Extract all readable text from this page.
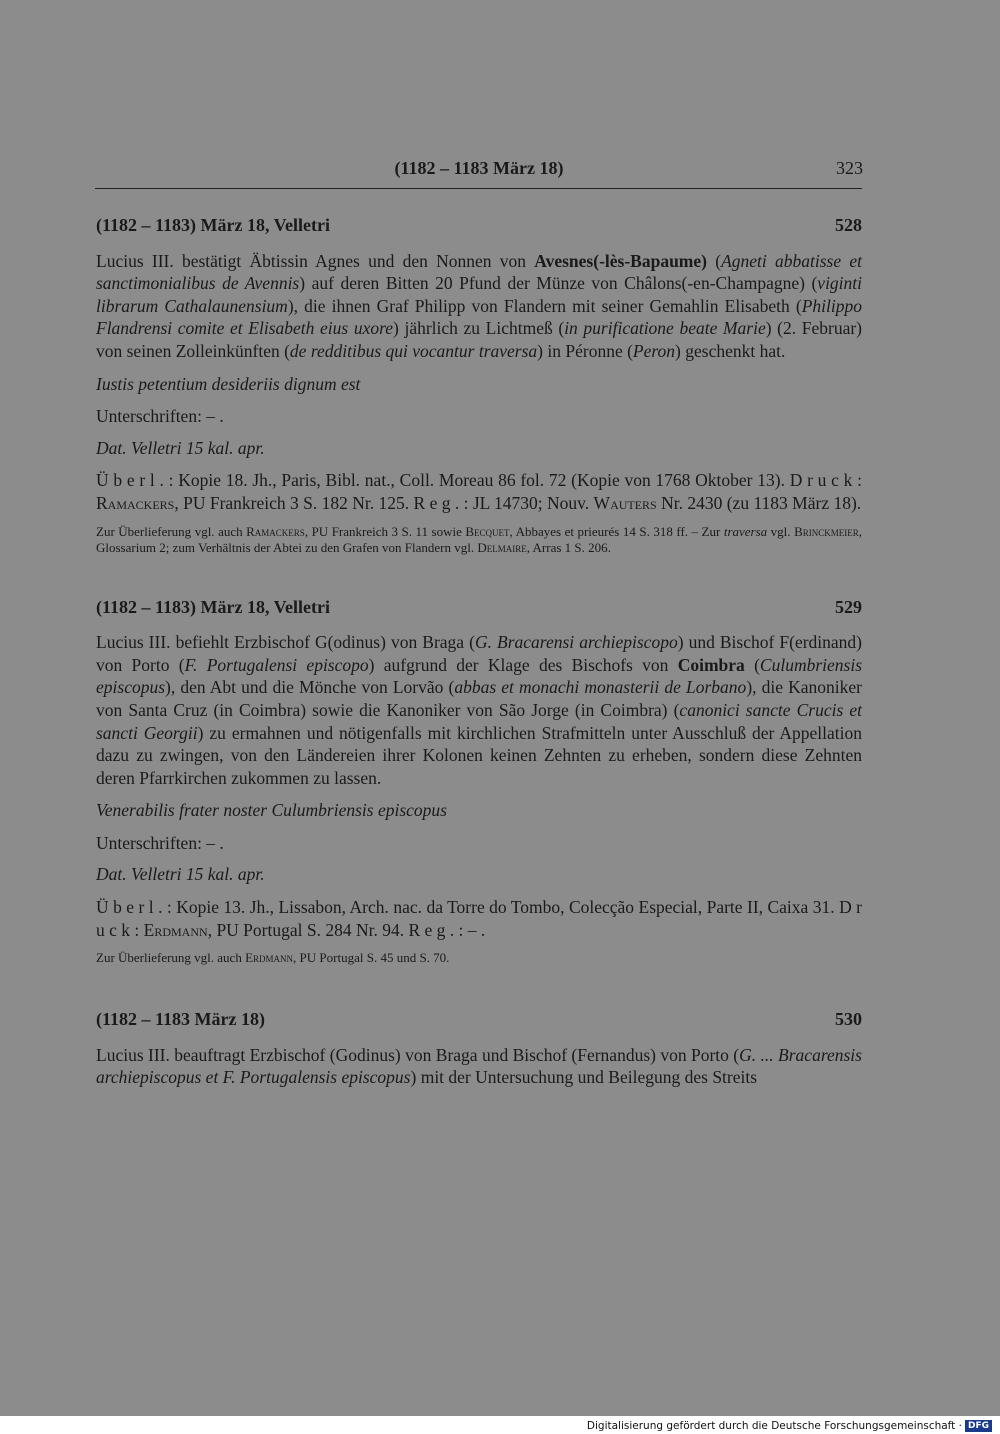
(1182 – 1183 März 18)	323
(1182 – 1183) März 18, Velletri	528

Lucius III. bestätigt Äbtissin Agnes und den Nonnen von Avesnes(-lès-Bapaume) (Agneti abbatisse et sanctimonialibus de Avennis) auf deren Bitten 20 Pfund der Münze von Châlons(-en-Champagne) (viginti librarum Cathalaunensium), die ihnen Graf Philipp von Flandern mit seiner Gemahlin Elisabeth (Philippo Flandrensi comite et Elisabeth eius uxore) jährlich zu Lichtmeß (in purificatione beate Marie) (2. Februar) von seinen Zolleinkünften (de redditibus qui vocantur traversa) in Péronne (Peron) geschenkt hat.

Iustis petentium desideriis dignum est

Unterschriften: – .

Dat. Velletri 15 kal. apr.

Ü b e r l . : Kopie 18. Jh., Paris, Bibl. nat., Coll. Moreau 86 fol. 72 (Kopie von 1768 Oktober 13). D r u c k : Ramackers, PU Frankreich 3 S. 182 Nr. 125. R e g . : JL 14730; Nouv. Wauters Nr. 2430 (zu 1183 März 18).

Zur Überlieferung vgl. auch Ramackers, PU Frankreich 3 S. 11 sowie Becquet, Abbayes et prieurés 14 S. 318 ff. – Zur traversa vgl. Brinckmeier, Glossarium 2; zum Verhältnis der Abtei zu den Grafen von Flandern vgl. Delmaire, Arras 1 S. 206.

(1182 – 1183) März 18, Velletri	529

Lucius III. befiehlt Erzbischof G(odinus) von Braga (G. Bracarensi archiepiscopo) und Bischof F(erdinand) von Porto (F. Portugalensi episcopo) aufgrund der Klage des Bischofs von Coimbra (Culumbriensis episcopus), den Abt und die Mönche von Lorvão (abbas et monachi monasterii de Lorbano), die Kanoniker von Santa Cruz (in Coimbra) sowie die Kanoniker von São Jorge (in Coimbra) (canonici sancte Crucis et sancti Georgii) zu ermahnen und nötigenfalls mit kirchlichen Strafmitteln unter Ausschluß der Appellation dazu zu zwingen, von den Ländereien ihrer Kolonen keinen Zehnten zu erheben, sondern diese Zehnten deren Pfarrkirchen zukommen zu lassen.

Venerabilis frater noster Culumbriensis episcopus

Unterschriften: – .

Dat. Velletri 15 kal. apr.

Ü b e r l . : Kopie 13. Jh., Lissabon, Arch. nac. da Torre do Tombo, Colecção Especial, Parte II, Caixa 31. D r u c k : Erdmann, PU Portugal S. 284 Nr. 94. R e g . : – .

Zur Überlieferung vgl. auch Erdmann, PU Portugal S. 45 und S. 70.

(1182 – 1183 März 18)	530

Lucius III. beauftragt Erzbischof (Godinus) von Braga und Bischof (Fernandus) von Porto (G. ... Bracarensis archiepiscopus et F. Portugalensis episcopus) mit der Untersuchung und Beilegung des Streits

Digitalisierung gefördert durch die Deutsche Forschungsgemeinschaft · DFG
